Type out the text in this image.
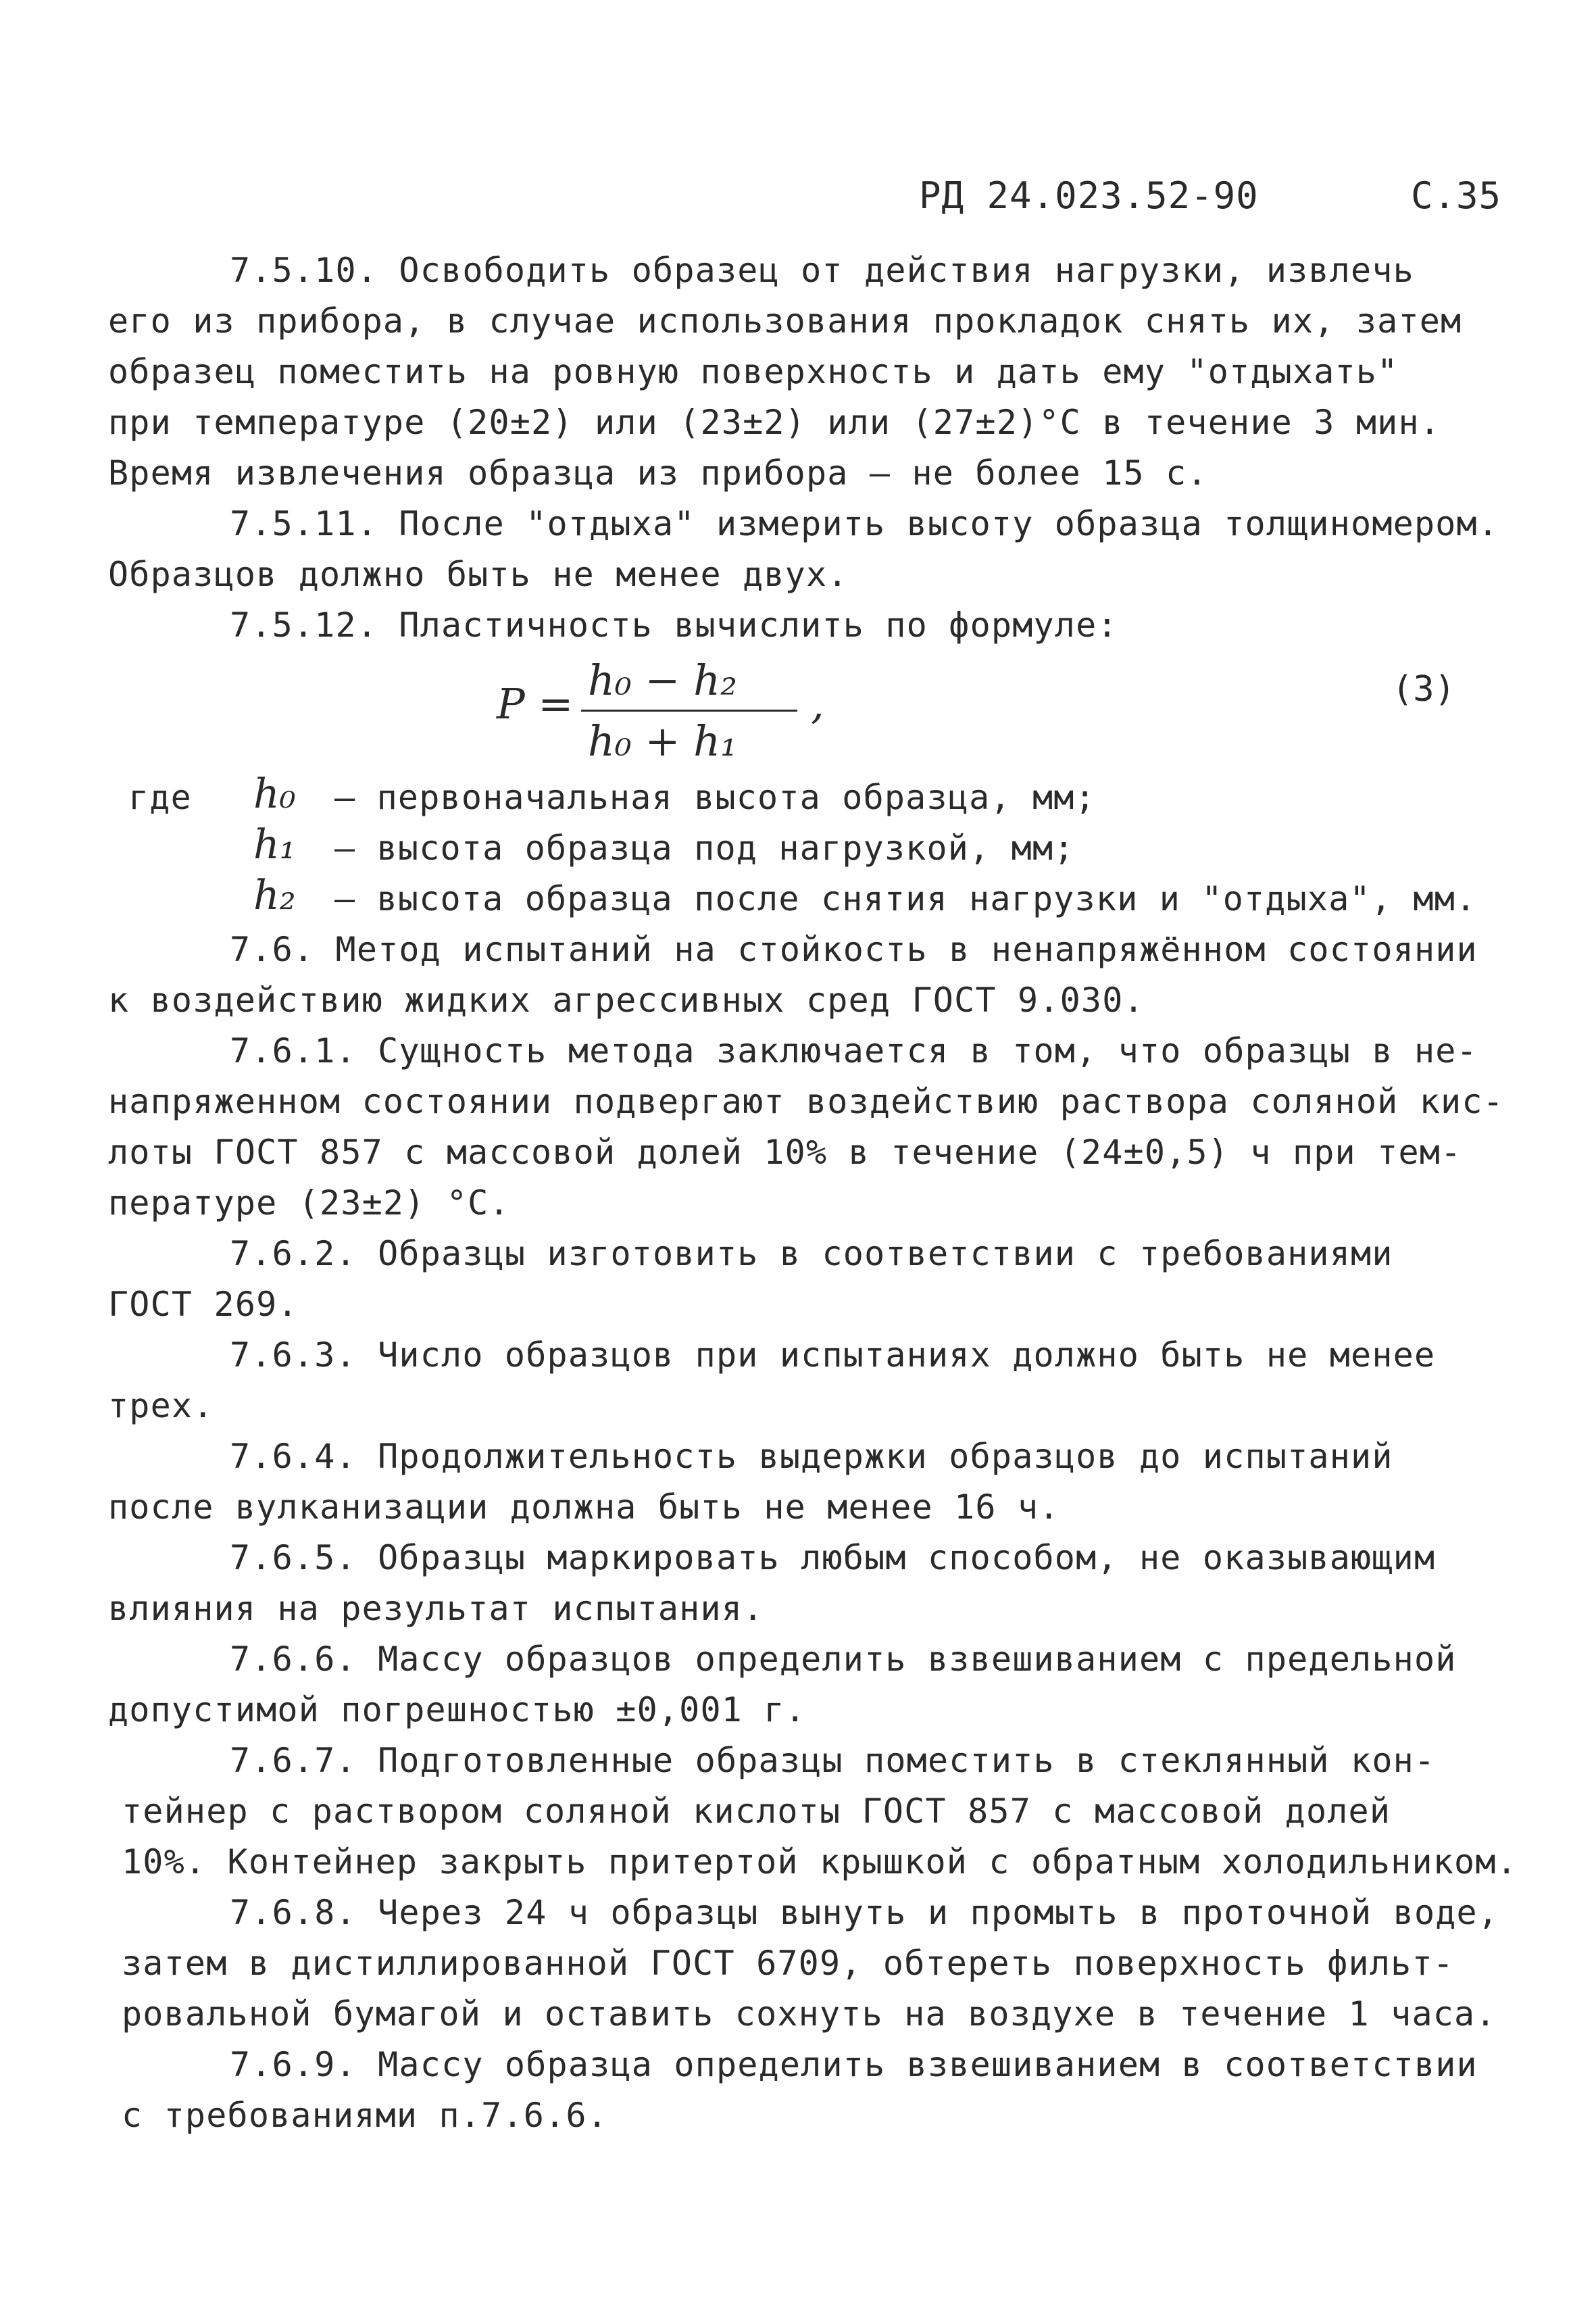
РД 24.023.52-90	С.35
7.5.10. Освободить образец от действия нагрузки, извлечь
его из прибора, в случае использования прокладок снять их, затем
образец поместить на ровную поверхность и дать ему "отдыхать"
при температуре (20±2) или (23±2) или (27±2)°С в течение 3 мин.
Время извлечения образца из прибора – не более 15 с.
7.5.11. После "отдыха" измерить высоту образца толщиномером.
Образцов должно быть не менее двух.
7.5.12. Пластичность вычислить по формуле:
P = h₀ − h₂
h₀ + h₁
,	(3)
где h₀ – первоначальная высота образца, мм;
h₁ – высота образца под нагрузкой, мм;
h₂ – высота образца после снятия нагрузки и "отдыха", мм.
7.6. Метод испытаний на стойкость в ненапряжённом состоянии
к воздействию жидких агрессивных сред ГОСТ 9.030.
7.6.1. Сущность метода заключается в том, что образцы в не-
напряженном состоянии подвергают воздействию раствора соляной кис-
лоты ГОСТ 857 с массовой долей 10% в течение (24±0,5) ч при тем-
пературе (23±2) °С.
7.6.2. Образцы изготовить в соответствии с требованиями
ГОСТ 269.
7.6.3. Число образцов при испытаниях должно быть не менее
трех.
7.6.4. Продолжительность выдержки образцов до испытаний
после вулканизации должна быть не менее 16 ч.
7.6.5. Образцы маркировать любым способом, не оказывающим
влияния на результат испытания.
7.6.6. Массу образцов определить взвешиванием с предельной
допустимой погрешностью ±0,001 г.
7.6.7. Подготовленные образцы поместить в стеклянный кон-
тейнер с раствором соляной кислоты ГОСТ 857 с массовой долей
10%. Контейнер закрыть притертой крышкой с обратным холодильником.
7.6.8. Через 24 ч образцы вынуть и промыть в проточной воде,
затем в дистиллированной ГОСТ 6709, обтереть поверхность фильт-
ровальной бумагой и оставить сохнуть на воздухе в течение 1 часа.
7.6.9. Массу образца определить взвешиванием в соответствии
с требованиями п.7.6.6.
